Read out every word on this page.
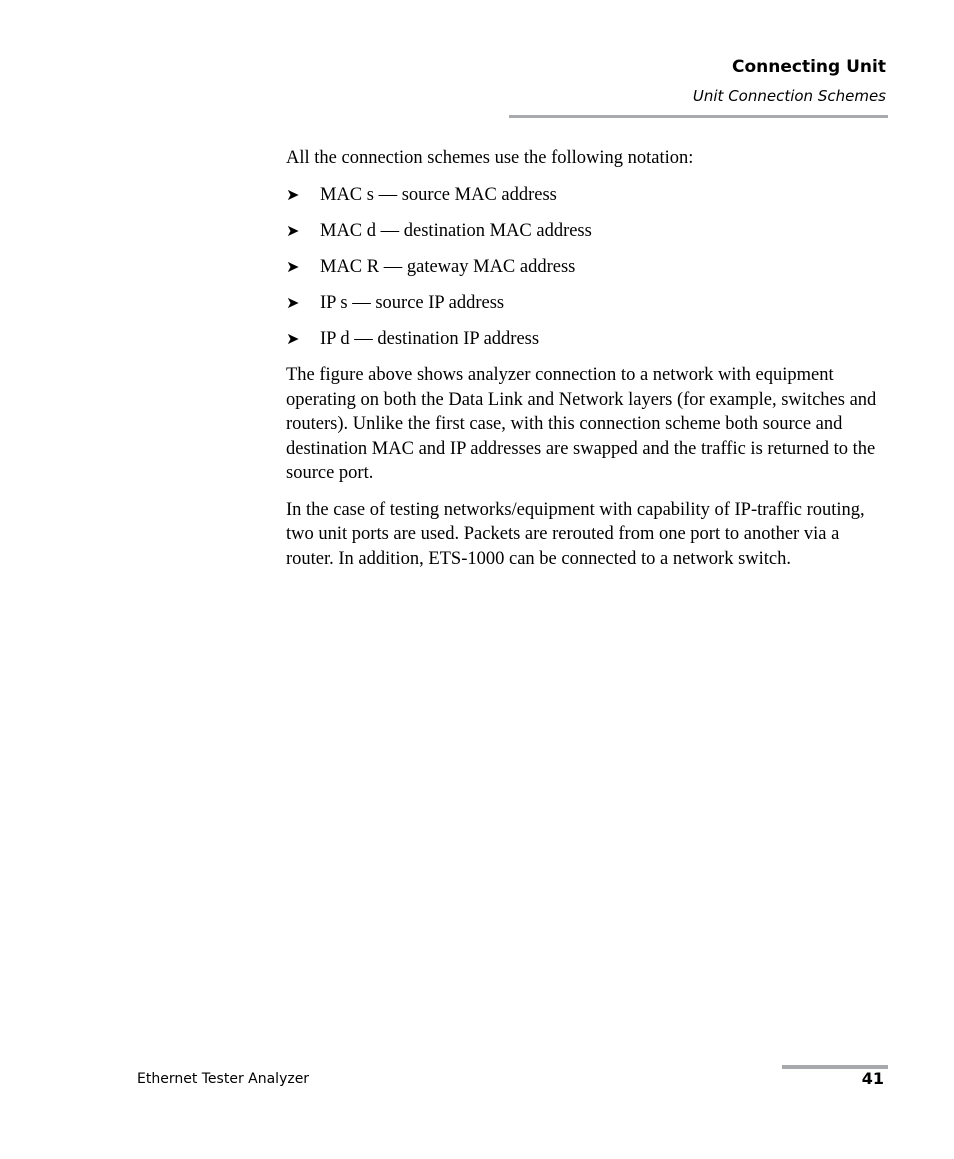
Connecting Unit
Unit Connection Schemes

All the connection schemes use the following notation:

➤ MAC s — source MAC address
➤ MAC d — destination MAC address
➤ MAC R — gateway MAC address
➤ IP s — source IP address
➤ IP d — destination IP address

The figure above shows analyzer connection to a network with equipment operating on both the Data Link and Network layers (for example, switches and routers). Unlike the first case, with this connection scheme both source and destination MAC and IP addresses are swapped and the traffic is returned to the source port.

In the case of testing networks/equipment with capability of IP-traffic routing, two unit ports are used. Packets are rerouted from one port to another via a router. In addition, ETS-1000 can be connected to a network switch.

Ethernet Tester Analyzer	41
